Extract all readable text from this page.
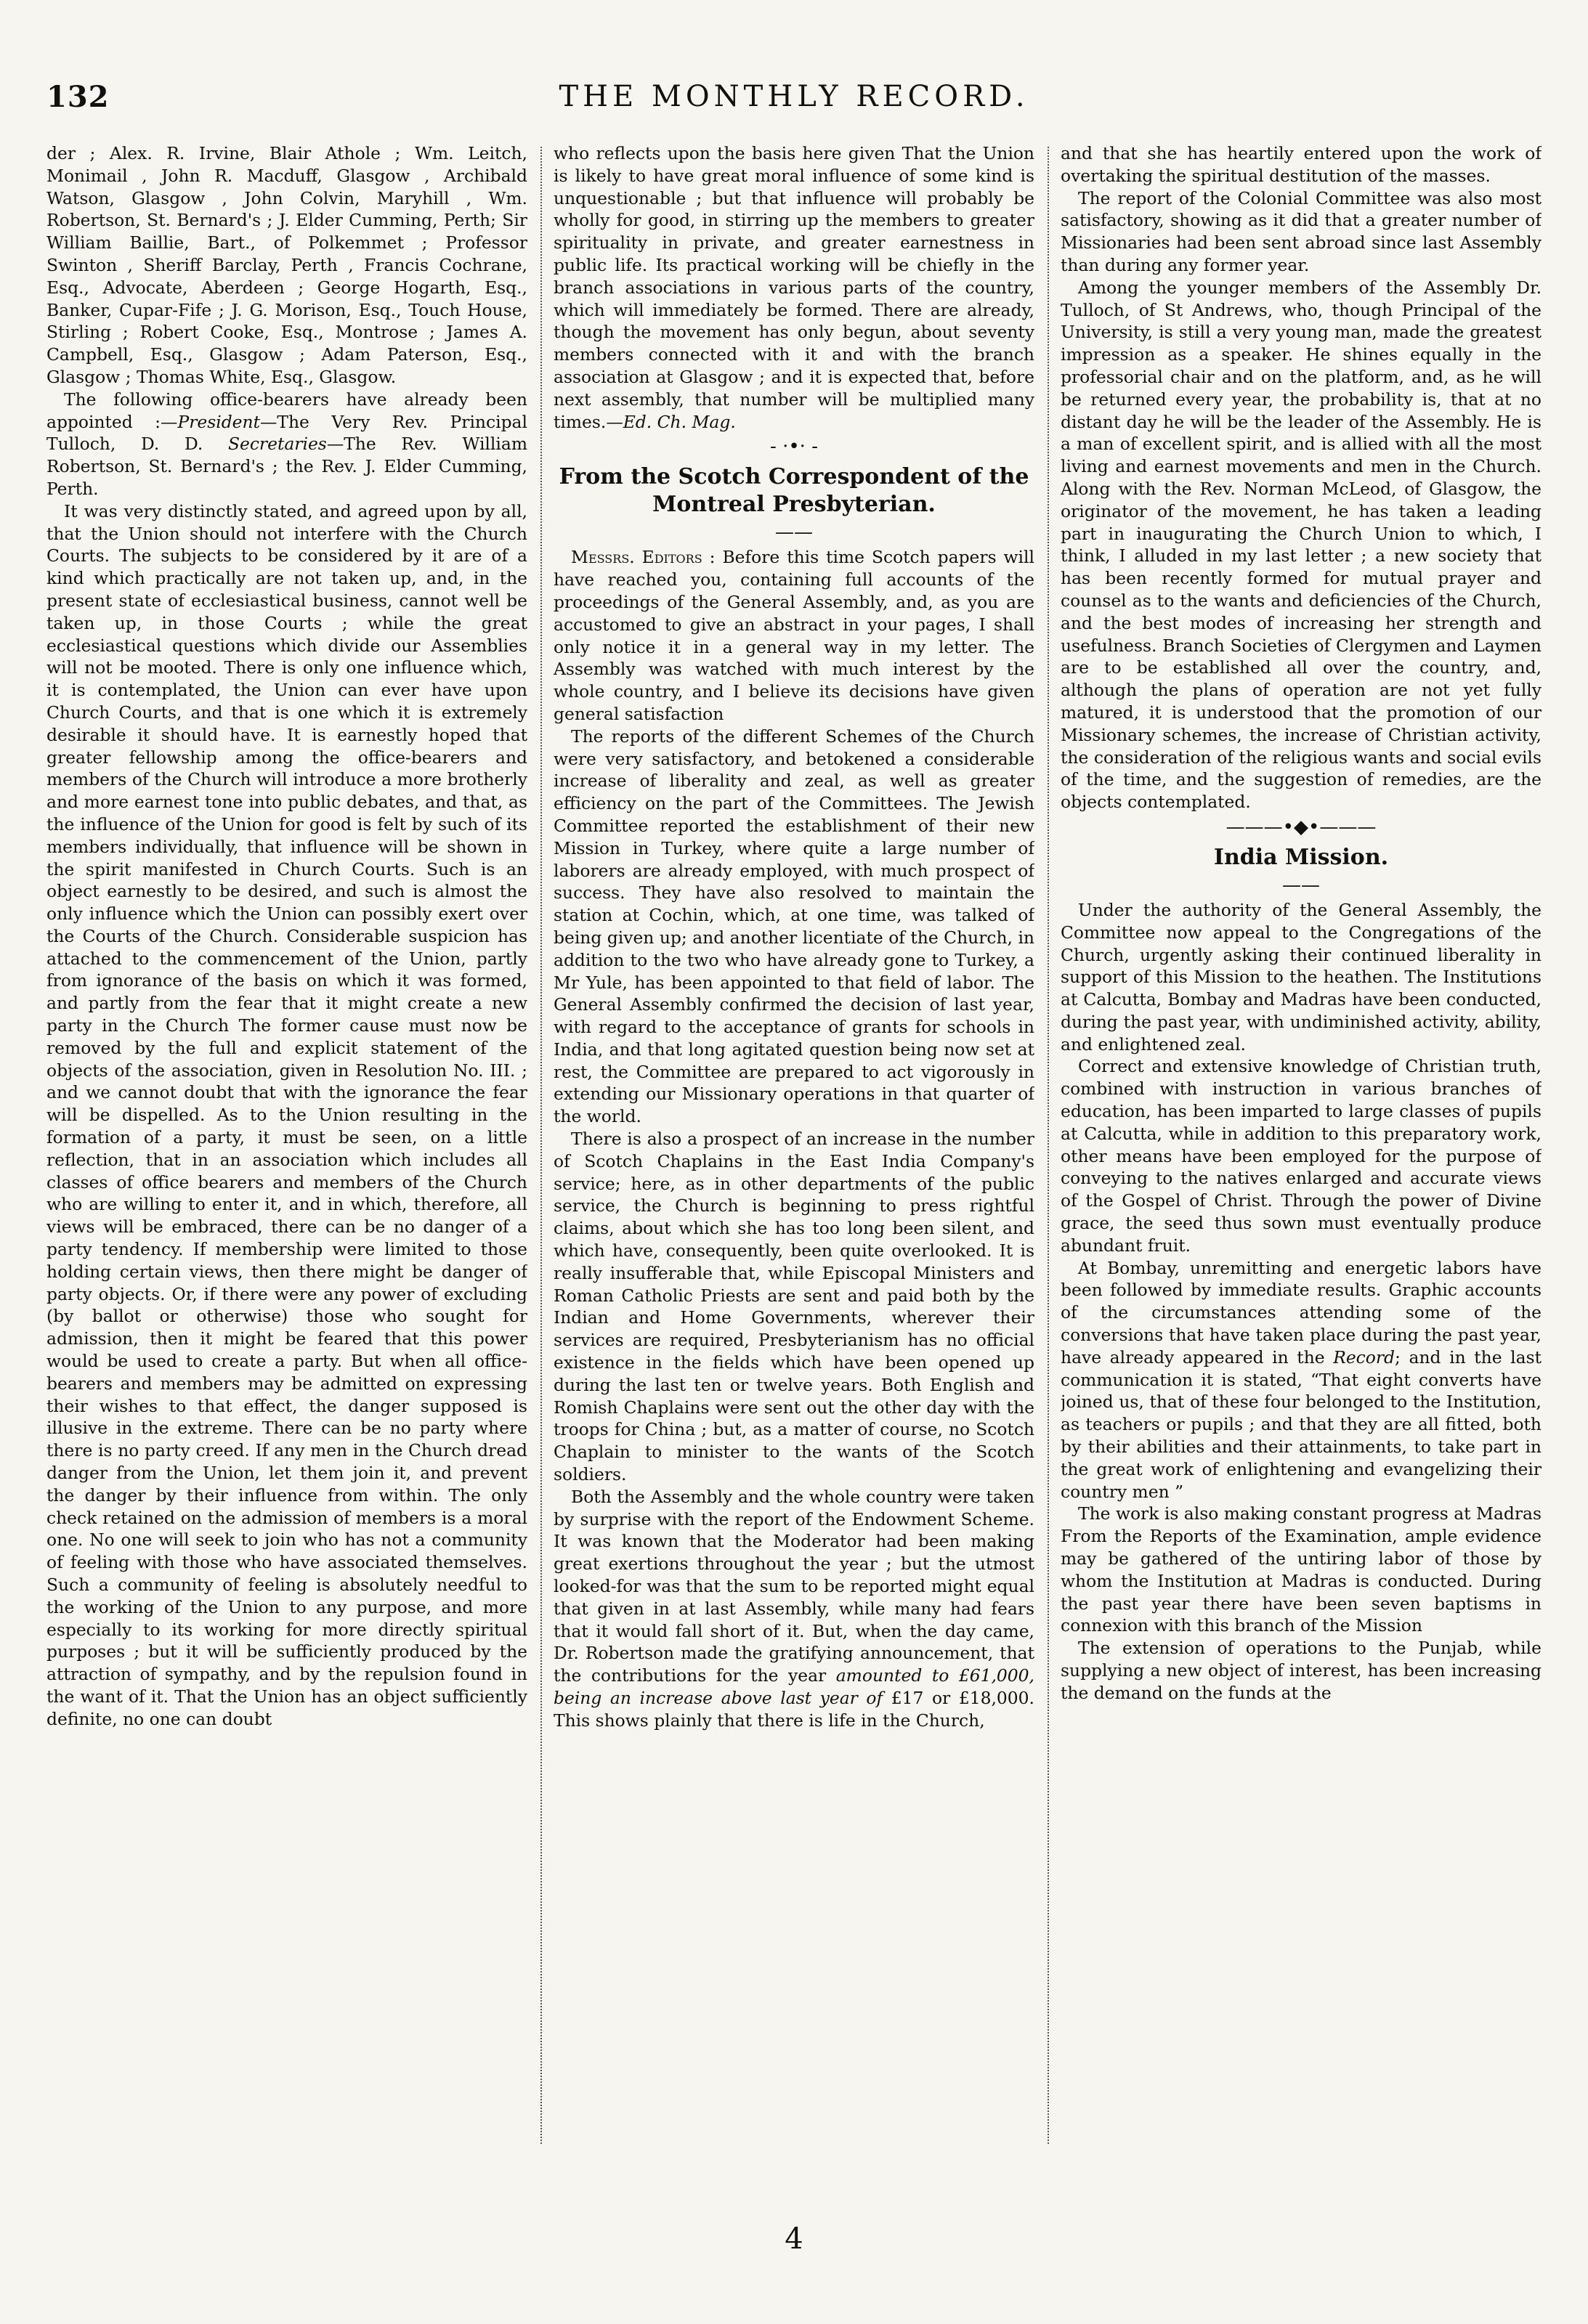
132	THE MONTHLY RECORD.

der ; Alex. R. Irvine, Blair Athole ; Wm. Leitch, Monimail , John R. Macduff, Glasgow , Archibald Watson, Glasgow , John Colvin, Maryhill , Wm. Robertson, St. Bernard's ; J. Elder Cumming, Perth; Sir William Baillie, Bart., of Polkemmet ; Professor Swinton , Sheriff Barclay, Perth , Francis Cochrane, Esq., Advocate, Aberdeen ; George Hogarth, Esq., Banker, Cupar-Fife ; J. G. Morison, Esq., Touch House, Stirling ; Robert Cooke, Esq., Montrose ; James A. Campbell, Esq., Glasgow ; Adam Paterson, Esq., Glasgow ; Thomas White, Esq., Glasgow.

The following office-bearers have already been appointed :—President—The Very Rev. Principal Tulloch, D. D. Secretaries—The Rev. William Robertson, St. Bernard's ; the Rev. J. Elder Cumming, Perth.

It was very distinctly stated, and agreed upon by all, that the Union should not interfere with the Church Courts. The subjects to be considered by it are of a kind which practically are not taken up, and, in the present state of ecclesiastical business, cannot well be taken up, in those Courts ; while the great ecclesiastical questions which divide our Assemblies will not be mooted. There is only one influence which, it is contemplated, the Union can ever have upon Church Courts, and that is one which it is extremely desirable it should have. It is earnestly hoped that greater fellowship among the office-bearers and members of the Church will introduce a more brotherly and more earnest tone into public debates, and that, as the influence of the Union for good is felt by such of its members individually, that influence will be shown in the spirit manifested in Church Courts. Such is an object earnestly to be desired, and such is almost the only influence which the Union can possibly exert over the Courts of the Church. Considerable suspicion has attached to the commencement of the Union, partly from ignorance of the basis on which it was formed, and partly from the fear that it might create a new party in the Church The former cause must now be removed by the full and explicit statement of the objects of the association, given in Resolution No. III. ; and we cannot doubt that with the ignorance the fear will be dispelled. As to the Union resulting in the formation of a party, it must be seen, on a little reflection, that in an association which includes all classes of office bearers and members of the Church who are willing to enter it, and in which, therefore, all views will be embraced, there can be no danger of a party tendency. If membership were limited to those holding certain views, then there might be danger of party objects. Or, if there were any power of excluding (by ballot or otherwise) those who sought for admission, then it might be feared that this power would be used to create a party. But when all office-bearers and members may be admitted on expressing their wishes to that effect, the danger supposed is illusive in the extreme. There can be no party where there is no party creed. If any men in the Church dread danger from the Union, let them join it, and prevent the danger by their influence from within. The only check retained on the admission of members is a moral one. No one will seek to join who has not a community of feeling with those who have associated themselves. Such a community of feeling is absolutely needful to the working of the Union to any purpose, and more especially to its working for more directly spiritual purposes ; but it will be sufficiently produced by the attraction of sympathy, and by the repulsion found in the want of it. That the Union has an object sufficiently definite, no one can doubt

who reflects upon the basis here given That the Union is likely to have great moral influence of some kind is unquestionable ; but that influence will probably be wholly for good, in stirring up the members to greater spirituality in private, and greater earnestness in public life. Its practical working will be chiefly in the branch associations in various parts of the country, which will immediately be formed. There are already, though the movement has only begun, about seventy members connected with it and with the branch association at Glasgow ; and it is expected that, before next assembly, that number will be multiplied many times.—Ed. Ch. Mag.

- ·•· -
From the Scotch Correspondent of the Montreal Presbyterian.
——

Messrs. Editors : Before this time Scotch papers will have reached you, containing full accounts of the proceedings of the General Assembly, and, as you are accustomed to give an abstract in your pages, I shall only notice it in a general way in my letter. The Assembly was watched with much interest by the whole country, and I believe its decisions have given general satisfaction

The reports of the different Schemes of the Church were very satisfactory, and betokened a considerable increase of liberality and zeal, as well as greater efficiency on the part of the Committees. The Jewish Committee reported the establishment of their new Mission in Turkey, where quite a large number of laborers are already employed, with much prospect of success. They have also resolved to maintain the station at Cochin, which, at one time, was talked of being given up; and another licentiate of the Church, in addition to the two who have already gone to Turkey, a Mr Yule, has been appointed to that field of labor. The General Assembly confirmed the decision of last year, with regard to the acceptance of grants for schools in India, and that long agitated question being now set at rest, the Committee are prepared to act vigorously in extending our Missionary operations in that quarter of the world.

There is also a prospect of an increase in the number of Scotch Chaplains in the East India Company's service; here, as in other departments of the public service, the Church is beginning to press rightful claims, about which she has too long been silent, and which have, consequently, been quite overlooked. It is really insufferable that, while Episcopal Ministers and Roman Catholic Priests are sent and paid both by the Indian and Home Governments, wherever their services are required, Presbyterianism has no official existence in the fields which have been opened up during the last ten or twelve years. Both English and Romish Chaplains were sent out the other day with the troops for China ; but, as a matter of course, no Scotch Chaplain to minister to the wants of the Scotch soldiers.

Both the Assembly and the whole country were taken by surprise with the report of the Endowment Scheme. It was known that the Moderator had been making great exertions throughout the year ; but the utmost looked-for was that the sum to be reported might equal that given in at last Assembly, while many had fears that it would fall short of it. But, when the day came, Dr. Robertson made the gratifying announcement, that the contributions for the year amounted to £61,000, being an increase above last year of £17 or £18,000. This shows plainly that there is life in the Church,

and that she has heartily entered upon the work of overtaking the spiritual destitution of the masses.

The report of the Colonial Committee was also most satisfactory, showing as it did that a greater number of Missionaries had been sent abroad since last Assembly than during any former year.

Among the younger members of the Assembly Dr. Tulloch, of St Andrews, who, though Principal of the University, is still a very young man, made the greatest impression as a speaker. He shines equally in the professorial chair and on the platform, and, as he will be returned every year, the probability is, that at no distant day he will be the leader of the Assembly. He is a man of excellent spirit, and is allied with all the most living and earnest movements and men in the Church. Along with the Rev. Norman McLeod, of Glasgow, the originator of the movement, he has taken a leading part in inaugurating the Church Union to which, I think, I alluded in my last letter ; a new society that has been recently formed for mutual prayer and counsel as to the wants and deficiencies of the Church, and the best modes of increasing her strength and usefulness. Branch Societies of Clergymen and Laymen are to be established all over the country, and, although the plans of operation are not yet fully matured, it is understood that the promotion of our Missionary schemes, the increase of Christian activity, the consideration of the religious wants and social evils of the time, and the suggestion of remedies, are the objects contemplated.

———•◆•———
India Mission.
——

Under the authority of the General Assembly, the Committee now appeal to the Congregations of the Church, urgently asking their continued liberality in support of this Mission to the heathen. The Institutions at Calcutta, Bombay and Madras have been conducted, during the past year, with undiminished activity, ability, and enlightened zeal.

Correct and extensive knowledge of Christian truth, combined with instruction in various branches of education, has been imparted to large classes of pupils at Calcutta, while in addition to this preparatory work, other means have been employed for the purpose of conveying to the natives enlarged and accurate views of the Gospel of Christ. Through the power of Divine grace, the seed thus sown must eventually produce abundant fruit.

At Bombay, unremitting and energetic labors have been followed by immediate results. Graphic accounts of the circumstances attending some of the conversions that have taken place during the past year, have already appeared in the Record; and in the last communication it is stated, “That eight converts have joined us, that of these four belonged to the Institution, as teachers or pupils ; and that they are all fitted, both by their abilities and their attainments, to take part in the great work of enlightening and evangelizing their country men ”

The work is also making constant progress at Madras From the Reports of the Examination, ample evidence may be gathered of the untiring labor of those by whom the Institution at Madras is conducted. During the past year there have been seven baptisms in connexion with this branch of the Mission

The extension of operations to the Punjab, while supplying a new object of interest, has been increasing the demand on the funds at the

4
